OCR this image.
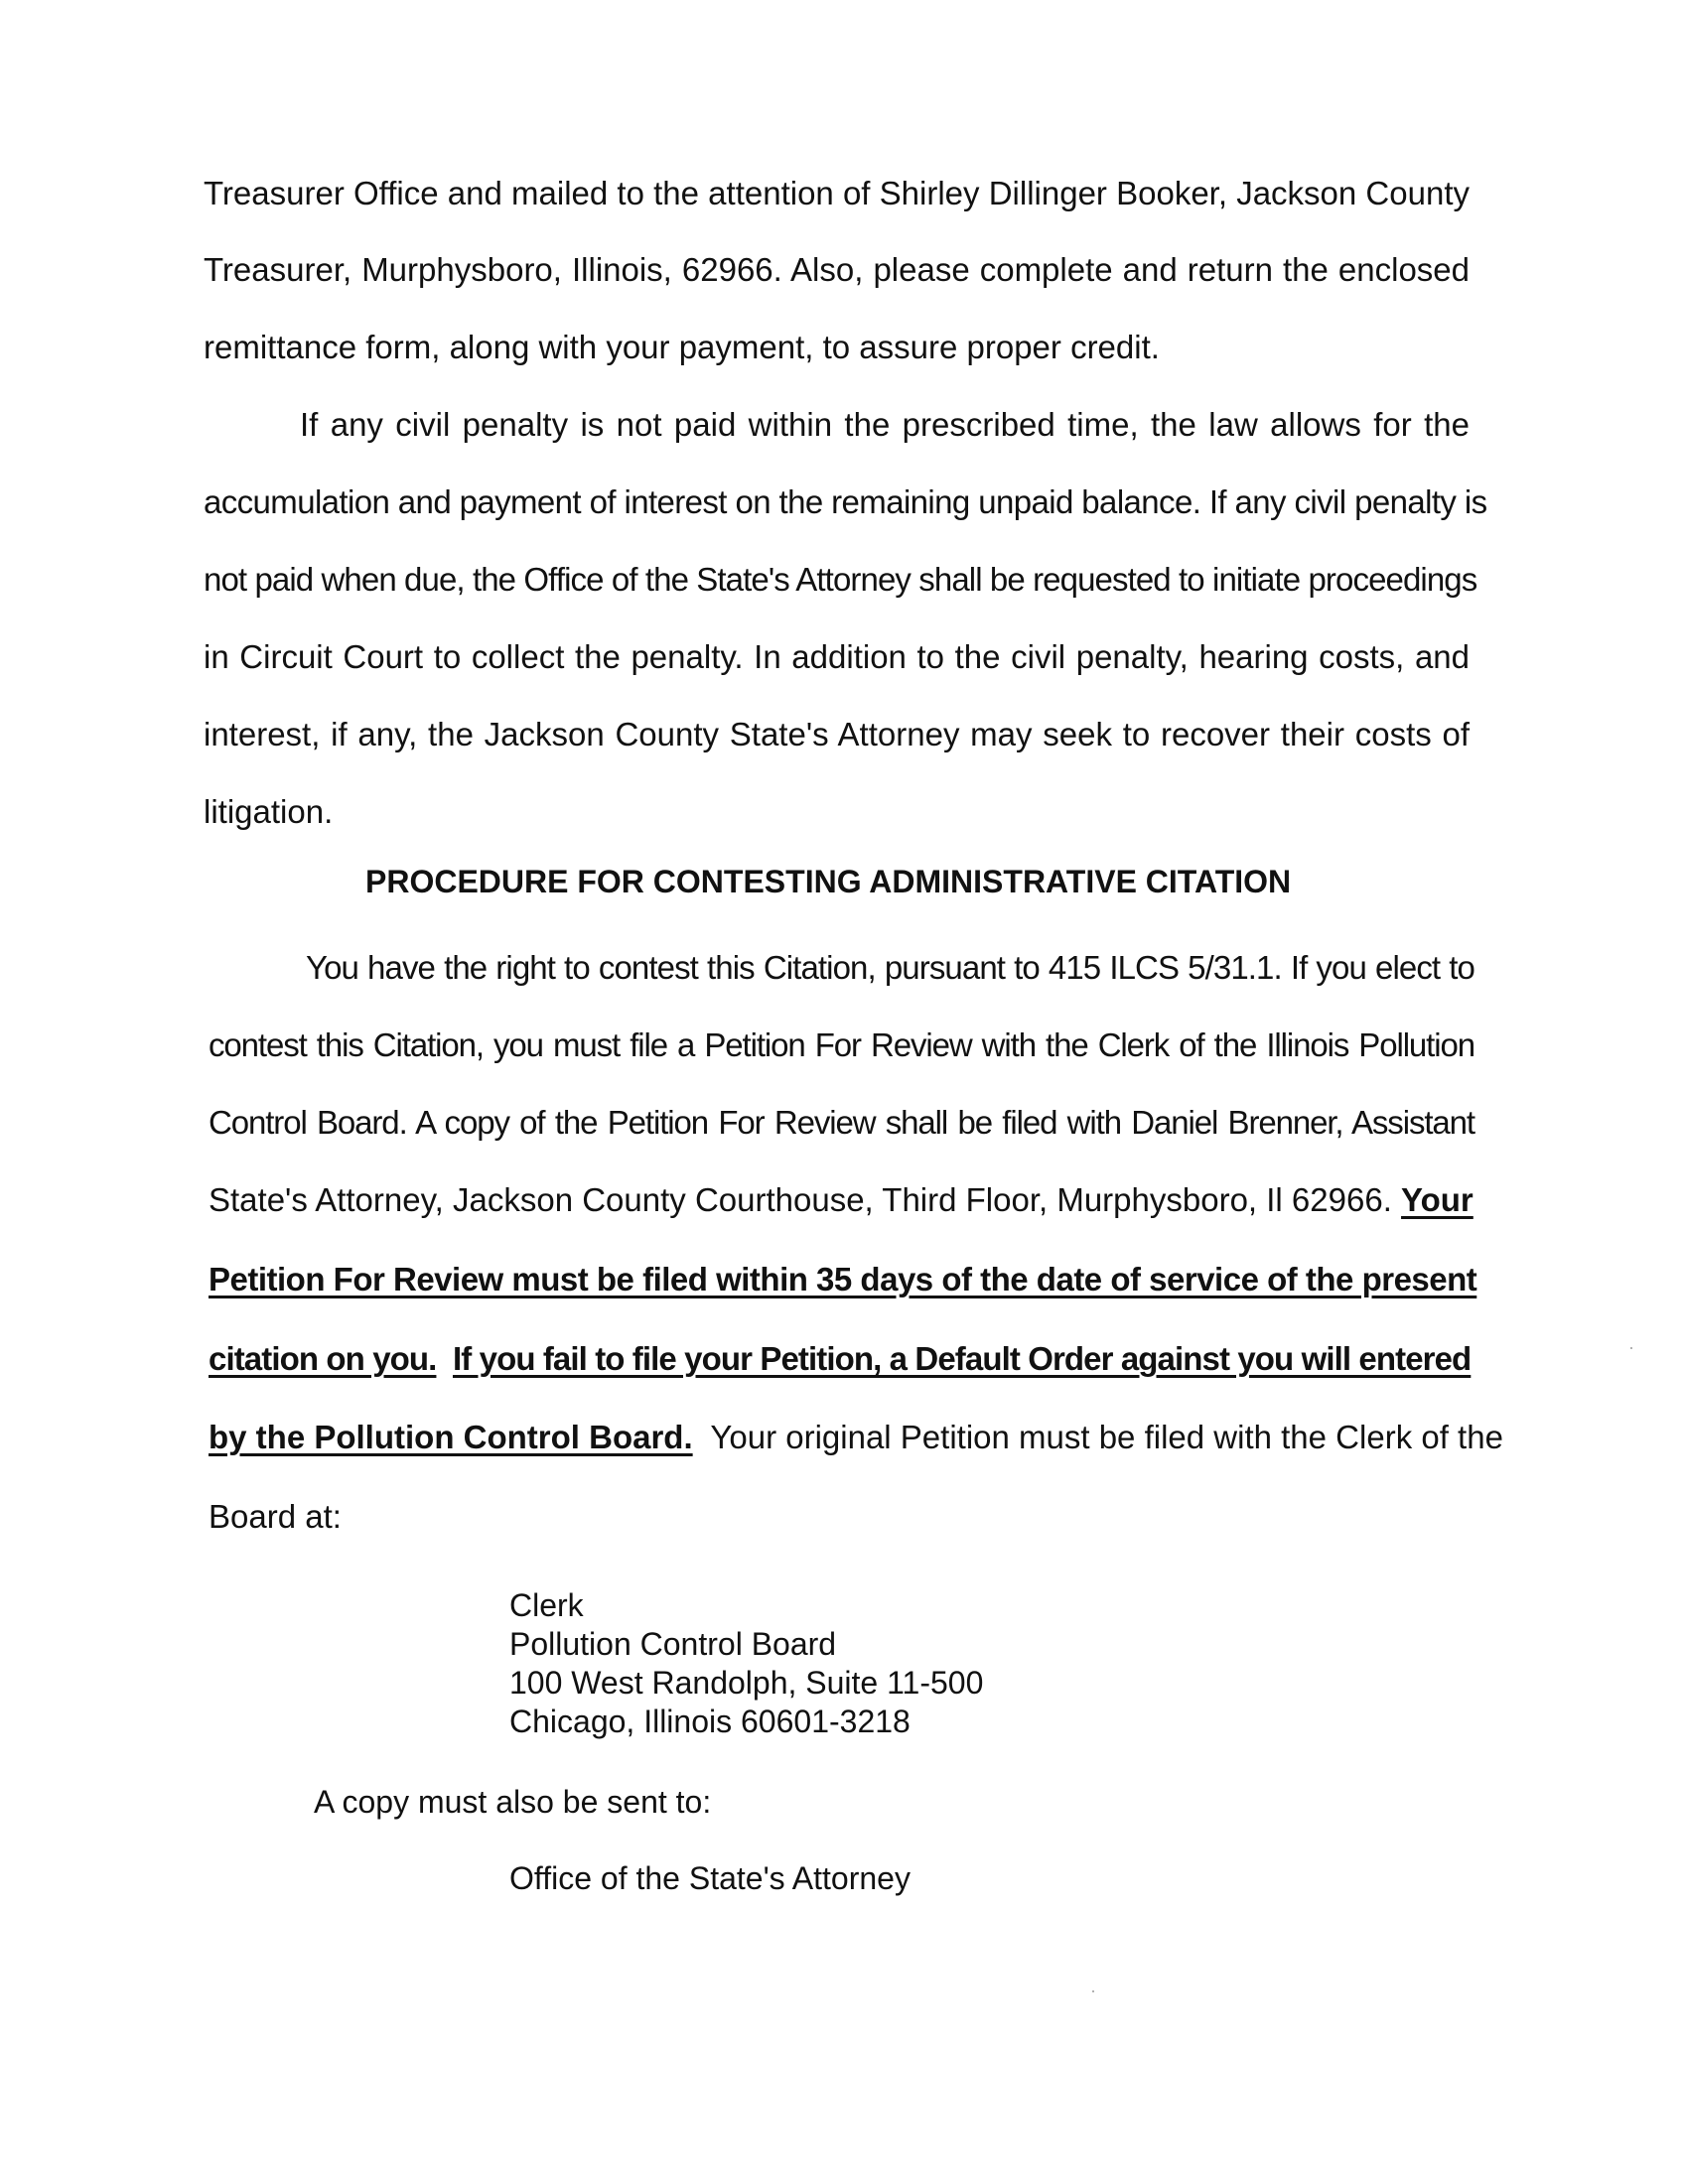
Treasurer Office and mailed to the attention of Shirley Dillinger Booker, Jackson County
Treasurer, Murphysboro, Illinois, 62966. Also, please complete and return the enclosed
remittance form, along with your payment, to assure proper credit.
If any civil penalty is not paid within the prescribed time, the law allows for the
accumulation and payment of interest on the remaining unpaid balance. If any civil penalty is
not paid when due, the Office of the State's Attorney shall be requested to initiate proceedings
in Circuit Court to collect the penalty. In addition to the civil penalty, hearing costs, and
interest, if any, the Jackson County State's Attorney may seek to recover their costs of
litigation.
PROCEDURE FOR CONTESTING ADMINISTRATIVE CITATION
You have the right to contest this Citation, pursuant to 415 ILCS 5/31.1. If you elect to
contest this Citation, you must file a Petition For Review with the Clerk of the Illinois Pollution
Control Board. A copy of the Petition For Review shall be filed with Daniel Brenner, Assistant
State's Attorney, Jackson County Courthouse, Third Floor, Murphysboro, Il 62966. Your
Petition For Review must be filed within 35 days of the date of service of the present
citation on you. If you fail to file your Petition, a Default Order against you will entered
by the Pollution Control Board.  Your original Petition must be filed with the Clerk of the
Board at:
Clerk
Pollution Control Board
100 West Randolph, Suite 11-500
Chicago, Illinois 60601-3218
A copy must also be sent to:
Office of the State's Attorney
